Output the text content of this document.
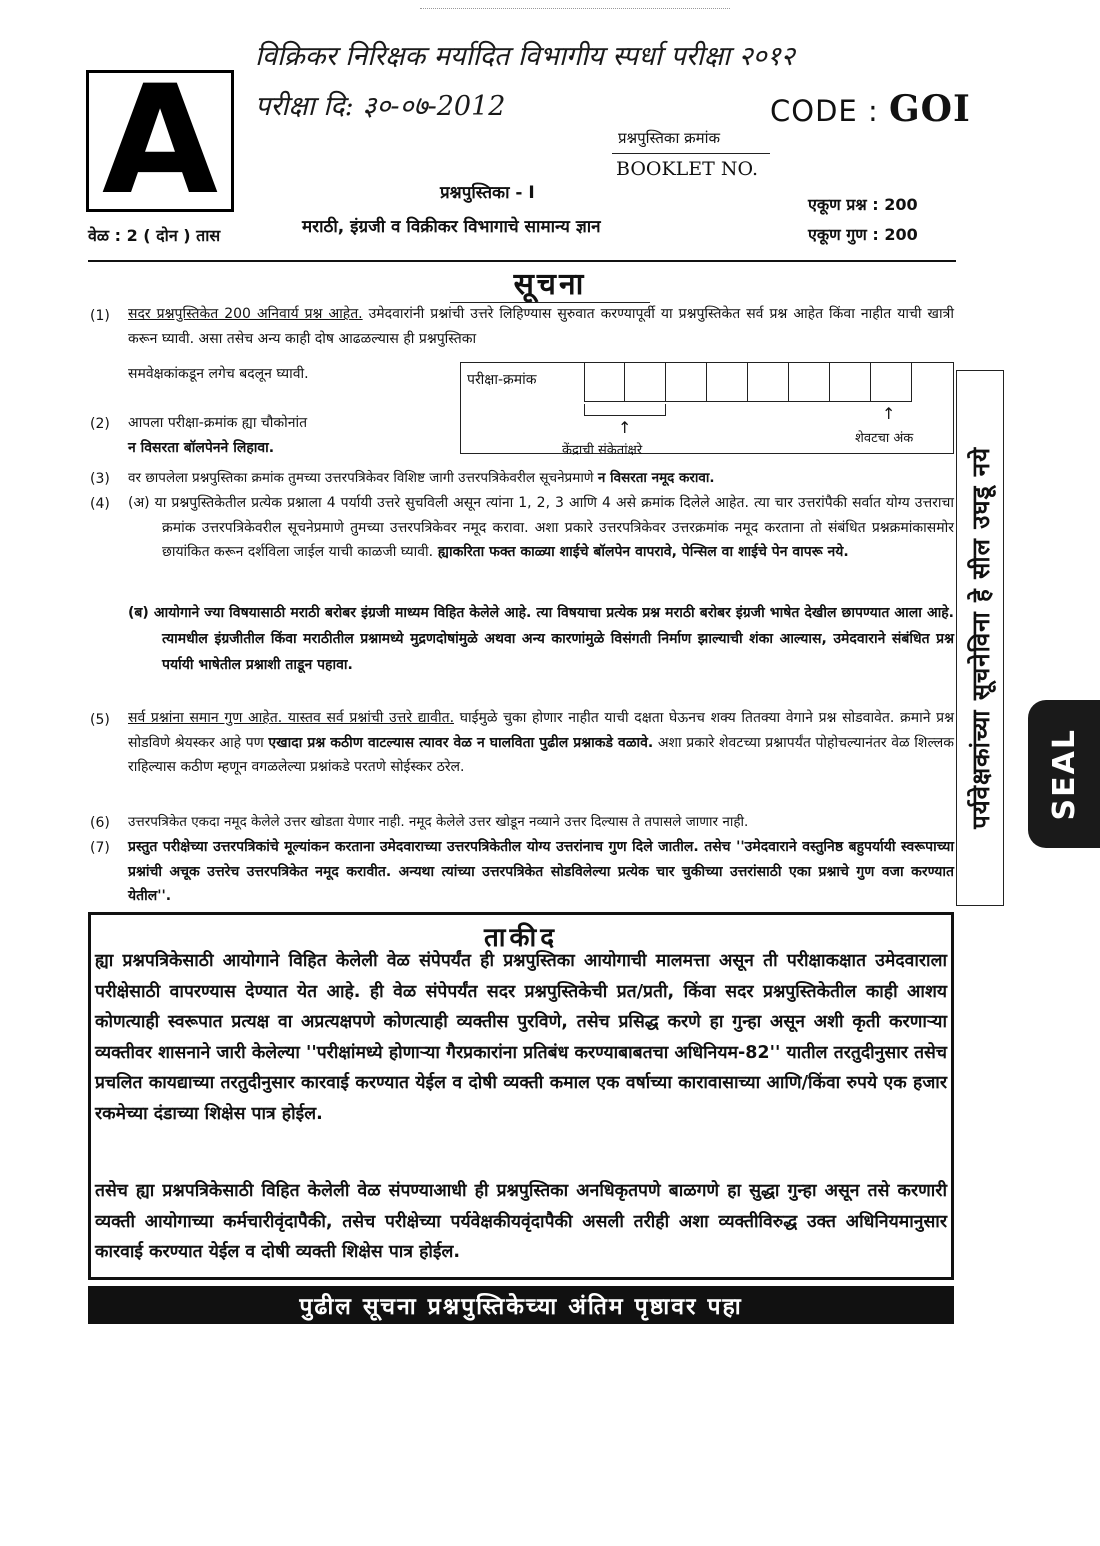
A	विक्रिकर निरिक्षक मर्यादित विभागीय स्पर्धा परीक्षा २०१२
परीक्षा दि: ३०-०७-2012	CODE : GOI
प्रश्नपुस्तिका क्रमांक
BOOKLET NO.
प्रश्नपुस्तिका - I
मराठी, इंग्रजी व विक्रीकर विभागाचे सामान्य ज्ञान
वेळ : 2 ( दोन ) तास
एकूण प्रश्न : 200
एकूण गुण : 200
सूचना
(1) सदर प्रश्नपुस्तिकेत 200 अनिवार्य प्रश्न आहेत. उमेदवारांनी प्रश्नांची उत्तरे लिहिण्यास सुरुवात करण्यापूर्वी या प्रश्नपुस्तिकेत सर्व प्रश्न आहेत किंवा नाहीत याची खात्री करून घ्यावी. असा तसेच अन्य काही दोष आढळल्यास ही प्रश्नपुस्तिका
समवेक्षकांकडून लगेच बदलून घ्यावी.	परीक्षा-क्रमांक
↑
↑
केंद्राची संकेतांक्षरे
शेवटचा अंक
(2) आपला परीक्षा-क्रमांक ह्या चौकोनांत
न विसरता बॉलपेनने लिहावा.
(3) वर छापलेला प्रश्नपुस्तिका क्रमांक तुमच्या उत्तरपत्रिकेवर विशिष्ट जागी उत्तरपत्रिकेवरील सूचनेप्रमाणे न विसरता नमूद करावा.
(4) (अ) या प्रश्नपुस्तिकेतील प्रत्येक प्रश्नाला 4 पर्यायी उत्तरे सुचविली असून त्यांना 1, 2, 3 आणि 4 असे क्रमांक दिलेले आहेत. त्या चार उत्तरांपैकी सर्वात योग्य उत्तराचा क्रमांक उत्तरपत्रिकेवरील सूचनेप्रमाणे तुमच्या उत्तरपत्रिकेवर नमूद करावा. अशा प्रकारे उत्तरपत्रिकेवर उत्तरक्रमांक नमूद करताना तो संबंधित प्रश्नक्रमांकासमोर छायांकित करून दर्शविला जाईल याची काळजी घ्यावी. ह्याकरिता फक्त काळ्या शाईचे बॉलपेन वापरावे, पेन्सिल वा शाईचे पेन वापरू नये.
(ब) आयोगाने ज्या विषयासाठी मराठी बरोबर इंग्रजी माध्यम विहित केलेले आहे. त्या विषयाचा प्रत्येक प्रश्न मराठी बरोबर इंग्रजी भाषेत देखील छापण्यात आला आहे. त्यामधील इंग्रजीतील किंवा मराठीतील प्रश्नामध्ये मुद्रणदोषांमुळे अथवा अन्य कारणांमुळे विसंगती निर्माण झाल्याची शंका आल्यास, उमेदवाराने संबंधित प्रश्न पर्यायी भाषेतील प्रश्नाशी ताडून पहावा.
(5) सर्व प्रश्नांना समान गुण आहेत. यास्तव सर्व प्रश्नांची उत्तरे द्यावीत. घाईमुळे चुका होणार नाहीत याची दक्षता घेऊनच शक्य तितक्या वेगाने प्रश्न सोडवावेत. क्रमाने प्रश्न सोडविणे श्रेयस्कर आहे पण एखादा प्रश्न कठीण वाटल्यास त्यावर वेळ न घालविता पुढील प्रश्नाकडे वळावे. अशा प्रकारे शेवटच्या प्रश्नापर्यंत पोहोचल्यानंतर वेळ शिल्लक राहिल्यास कठीण म्हणून वगळलेल्या प्रश्नांकडे परतणे सोईस्कर ठरेल.
(6) उत्तरपत्रिकेत एकदा नमूद केलेले उत्तर खोडता येणार नाही. नमूद केलेले उत्तर खोडून नव्याने उत्तर दिल्यास ते तपासले जाणार नाही.
(7) प्रस्तुत परीक्षेच्या उत्तरपत्रिकांचे मूल्यांकन करताना उमेदवाराच्या उत्तरपत्रिकेतील योग्य उत्तरांनाच गुण दिले जातील. तसेच ''उमेदवाराने वस्तुनिष्ठ बहुपर्यायी स्वरूपाच्या प्रश्नांची अचूक उत्तरेच उत्तरपत्रिकेत नमूद करावीत. अन्यथा त्यांच्या उत्तरपत्रिकेत सोडविलेल्या प्रत्येक चार चुकीच्या उत्तरांसाठी एका प्रश्नाचे गुण वजा करण्यात येतील''.
ताकीद
ह्या प्रश्नपत्रिकेसाठी आयोगाने विहित केलेली वेळ संपेपर्यंत ही प्रश्नपुस्तिका आयोगाची मालमत्ता असून ती परीक्षाकक्षात उमेदवाराला परीक्षेसाठी वापरण्यास देण्यात येत आहे. ही वेळ संपेपर्यंत सदर प्रश्नपुस्तिकेची प्रत/प्रती, किंवा सदर प्रश्नपुस्तिकेतील काही आशय कोणत्याही स्वरूपात प्रत्यक्ष वा अप्रत्यक्षपणे कोणत्याही व्यक्तीस पुरविणे, तसेच प्रसिद्ध करणे हा गुन्हा असून अशी कृती करणाऱ्या व्यक्तीवर शासनाने जारी केलेल्या ''परीक्षांमध्ये होणाऱ्या गैरप्रकारांना प्रतिबंध करण्याबाबतचा अधिनियम-82'' यातील तरतुदीनुसार तसेच प्रचलित कायद्याच्या तरतुदीनुसार कारवाई करण्यात येईल व दोषी व्यक्ती कमाल एक वर्षाच्या कारावासाच्या आणि/किंवा रुपये एक हजार रकमेच्या दंडाच्या शिक्षेस पात्र होईल.
तसेच ह्या प्रश्नपत्रिकेसाठी विहित केलेली वेळ संपण्याआधी ही प्रश्नपुस्तिका अनधिकृतपणे बाळगणे हा सुद्धा गुन्हा असून तसे करणारी व्यक्ती आयोगाच्या कर्मचारीवृंदापैकी, तसेच परीक्षेच्या पर्यवेक्षकीयवृंदापैकी असली तरीही अशा व्यक्तीविरुद्ध उक्त अधिनियमानुसार कारवाई करण्यात येईल व दोषी व्यक्ती शिक्षेस पात्र होईल.
पुढील सूचना प्रश्नपुस्तिकेच्या अंतिम पृष्ठावर पहा
पर्यवेक्षकांच्या सूचनेविना हे सील उघडू नये SEAL
